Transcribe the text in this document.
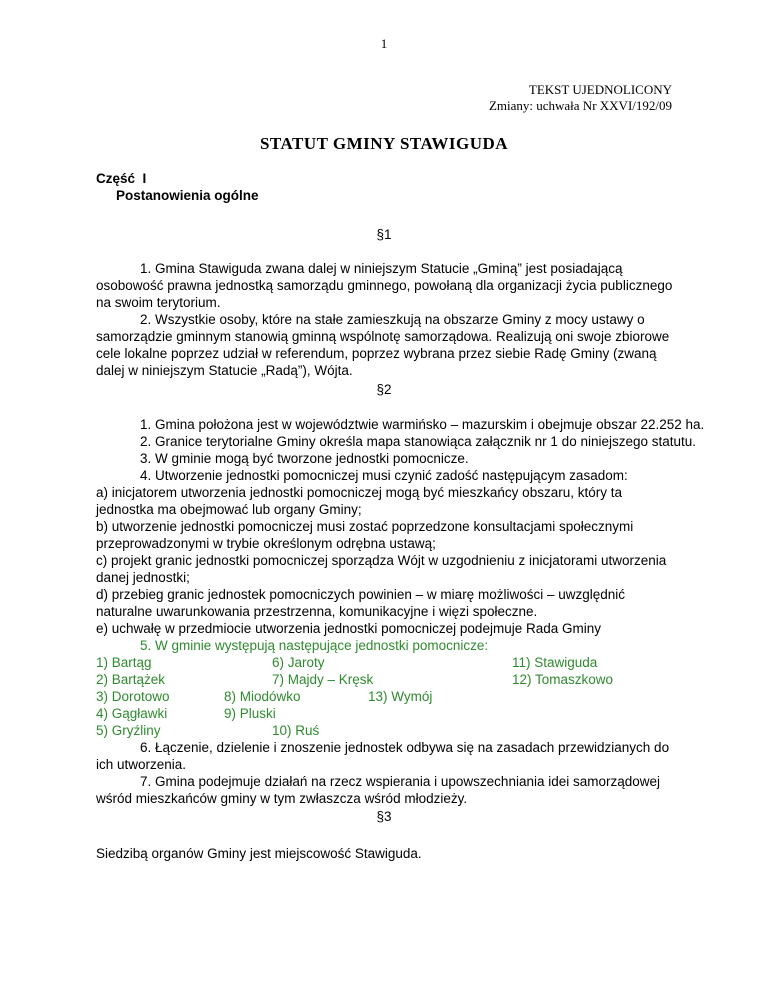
1
TEKST UJEDNOLICONY
Zmiany: uchwała Nr XXVI/192/09
STATUT GMINY STAWIGUDA
Część  I
Postanowienia ogólne
§1
1. Gmina Stawiguda zwana dalej w niniejszym Statucie „Gminą” jest posiadającą osobowość prawna jednostką samorządu gminnego, powołaną dla organizacji życia publicznego na swoim terytorium.
2. Wszystkie osoby, które na stałe zamieszkują na obszarze Gminy z mocy ustawy o samorządzie gminnym stanowią gminną wspólnotę samorządowa. Realizują oni swoje zbiorowe cele lokalne poprzez udział w referendum, poprzez wybrana przez siebie Radę Gminy (zwaną dalej w niniejszym Statucie „Radą”), Wójta.
§2
1. Gmina położona jest w województwie warmińsko – mazurskim i obejmuje obszar 22.252 ha.
2. Granice terytorialne Gminy określa mapa stanowiąca załącznik nr 1 do niniejszego statutu.
3. W gminie mogą być tworzone jednostki pomocnicze.
4. Utworzenie jednostki pomocniczej musi czynić zadość następującym zasadom:
a) inicjatorem utworzenia jednostki pomocniczej mogą być mieszkańcy obszaru, który ta jednostka ma obejmować lub organy Gminy;
b) utworzenie jednostki pomocniczej musi zostać poprzedzone konsultacjami społecznymi przeprowadzonymi w trybie określonym odrębna ustawą;
c) projekt granic jednostki pomocniczej sporządza Wójt w uzgodnieniu z inicjatorami utworzenia danej jednostki;
d) przebieg granic jednostek pomocniczych powinien – w miarę możliwości – uwzględnić naturalne uwarunkowania przestrzenna, komunikacyjne i więzi społeczne.
e) uchwałę w przedmiocie utworzenia jednostki pomocniczej podejmuje Rada Gminy
5. W gminie występują następujące jednostki pomocnicze:
1) Bartąg
2) Bartążek
3) Dorotowo
4) Gągławki
5) Gryźliny
6) Jaroty
7) Majdy – Kręsk
8) Miodówko
9) Pluski
10) Ruś
11) Stawiguda
12) Tomaszkowo
13) Wymój
6. Łączenie, dzielenie i znoszenie jednostek odbywa się na zasadach przewidzianych do ich utworzenia.
7. Gmina podejmuje działań na rzecz wspierania i upowszechniania idei samorządowej wśród mieszkańców gminy w tym zwłaszcza wśród młodzieży.
§3
Siedzibą organów Gminy jest miejscowość Stawiguda.
